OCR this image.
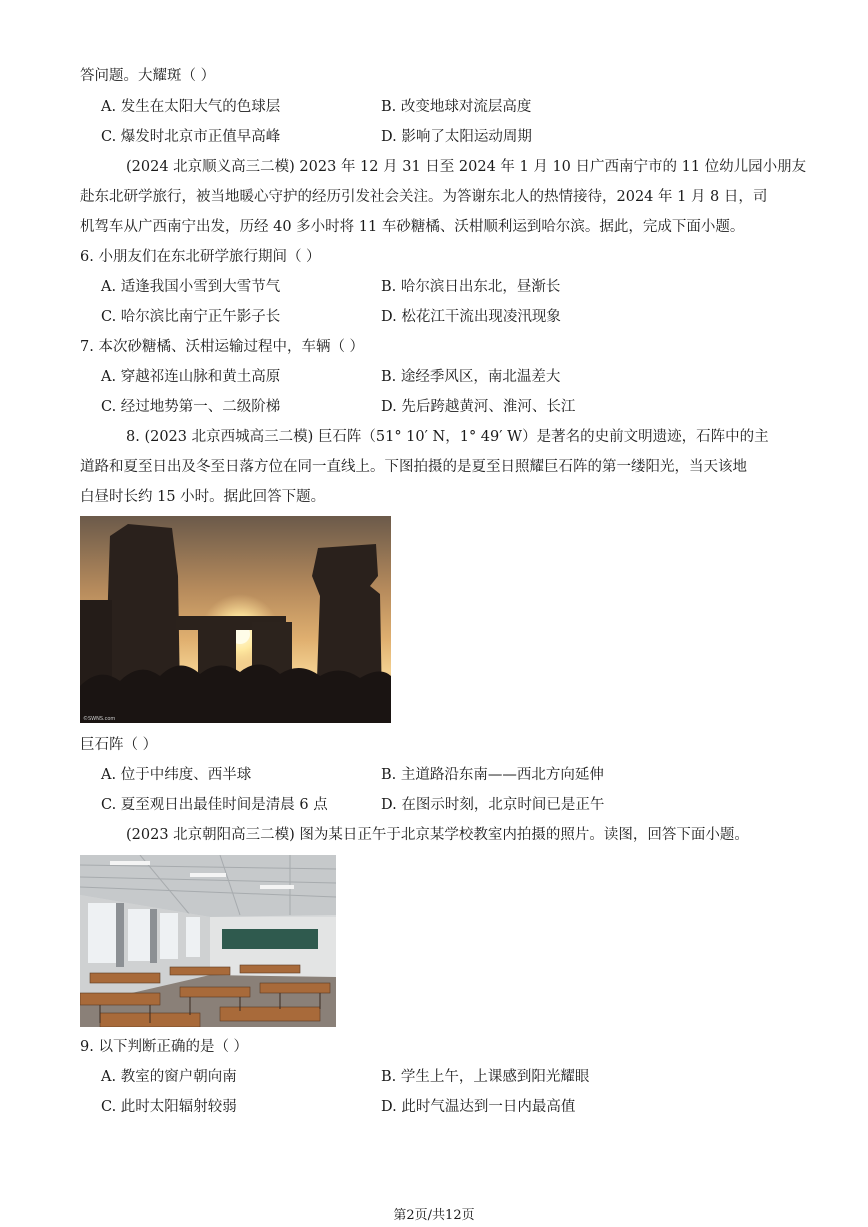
答问题。大耀斑（ ）
A. 发生在太阳大气的色球层	B. 改变地球对流层高度
C. 爆发时北京市正值早高峰	D. 影响了太阳运动周期
(2024 北京顺义高三二模) 2023 年 12 月 31 日至 2024 年 1 月 10 日广西南宁市的 11 位幼儿园小朋友
赴东北研学旅行，被当地暖心守护的经历引发社会关注。为答谢东北人的热情接待，2024 年 1 月 8 日，司
机驾车从广西南宁出发，历经 40 多小时将 11 车砂糖橘、沃柑顺利运到哈尔滨。据此，完成下面小题。
6. 小朋友们在东北研学旅行期间（ ）
A. 适逢我国小雪到大雪节气	B. 哈尔滨日出东北，昼渐长
C. 哈尔滨比南宁正午影子长	D. 松花江干流出现凌汛现象
7. 本次砂糖橘、沃柑运输过程中，车辆（ ）
A. 穿越祁连山脉和黄土高原	B. 途经季风区，南北温差大
C. 经过地势第一、二级阶梯	D. 先后跨越黄河、淮河、长江
8. (2023 北京西城高三二模) 巨石阵（51° 10′ N，1° 49′ W）是著名的史前文明遗迹，石阵中的主
道路和夏至日出及冬至日落方位在同一直线上。下图拍摄的是夏至日照耀巨石阵的第一缕阳光，当天该地
白昼时长约 15 小时。据此回答下题。
©SWNS.com
巨石阵（ ）
A. 位于中纬度、西半球	B. 主道路沿东南——西北方向延伸
C. 夏至观日出最佳时间是清晨 6 点	D. 在图示时刻，北京时间已是正午
(2023 北京朝阳高三二模) 图为某日正午于北京某学校教室内拍摄的照片。读图，回答下面小题。
9. 以下判断正确的是（ ）
A. 教室的窗户朝向南	B. 学生上午，上课感到阳光耀眼
C. 此时太阳辐射较弱	D. 此时气温达到一日内最高值
第2页/共12页
